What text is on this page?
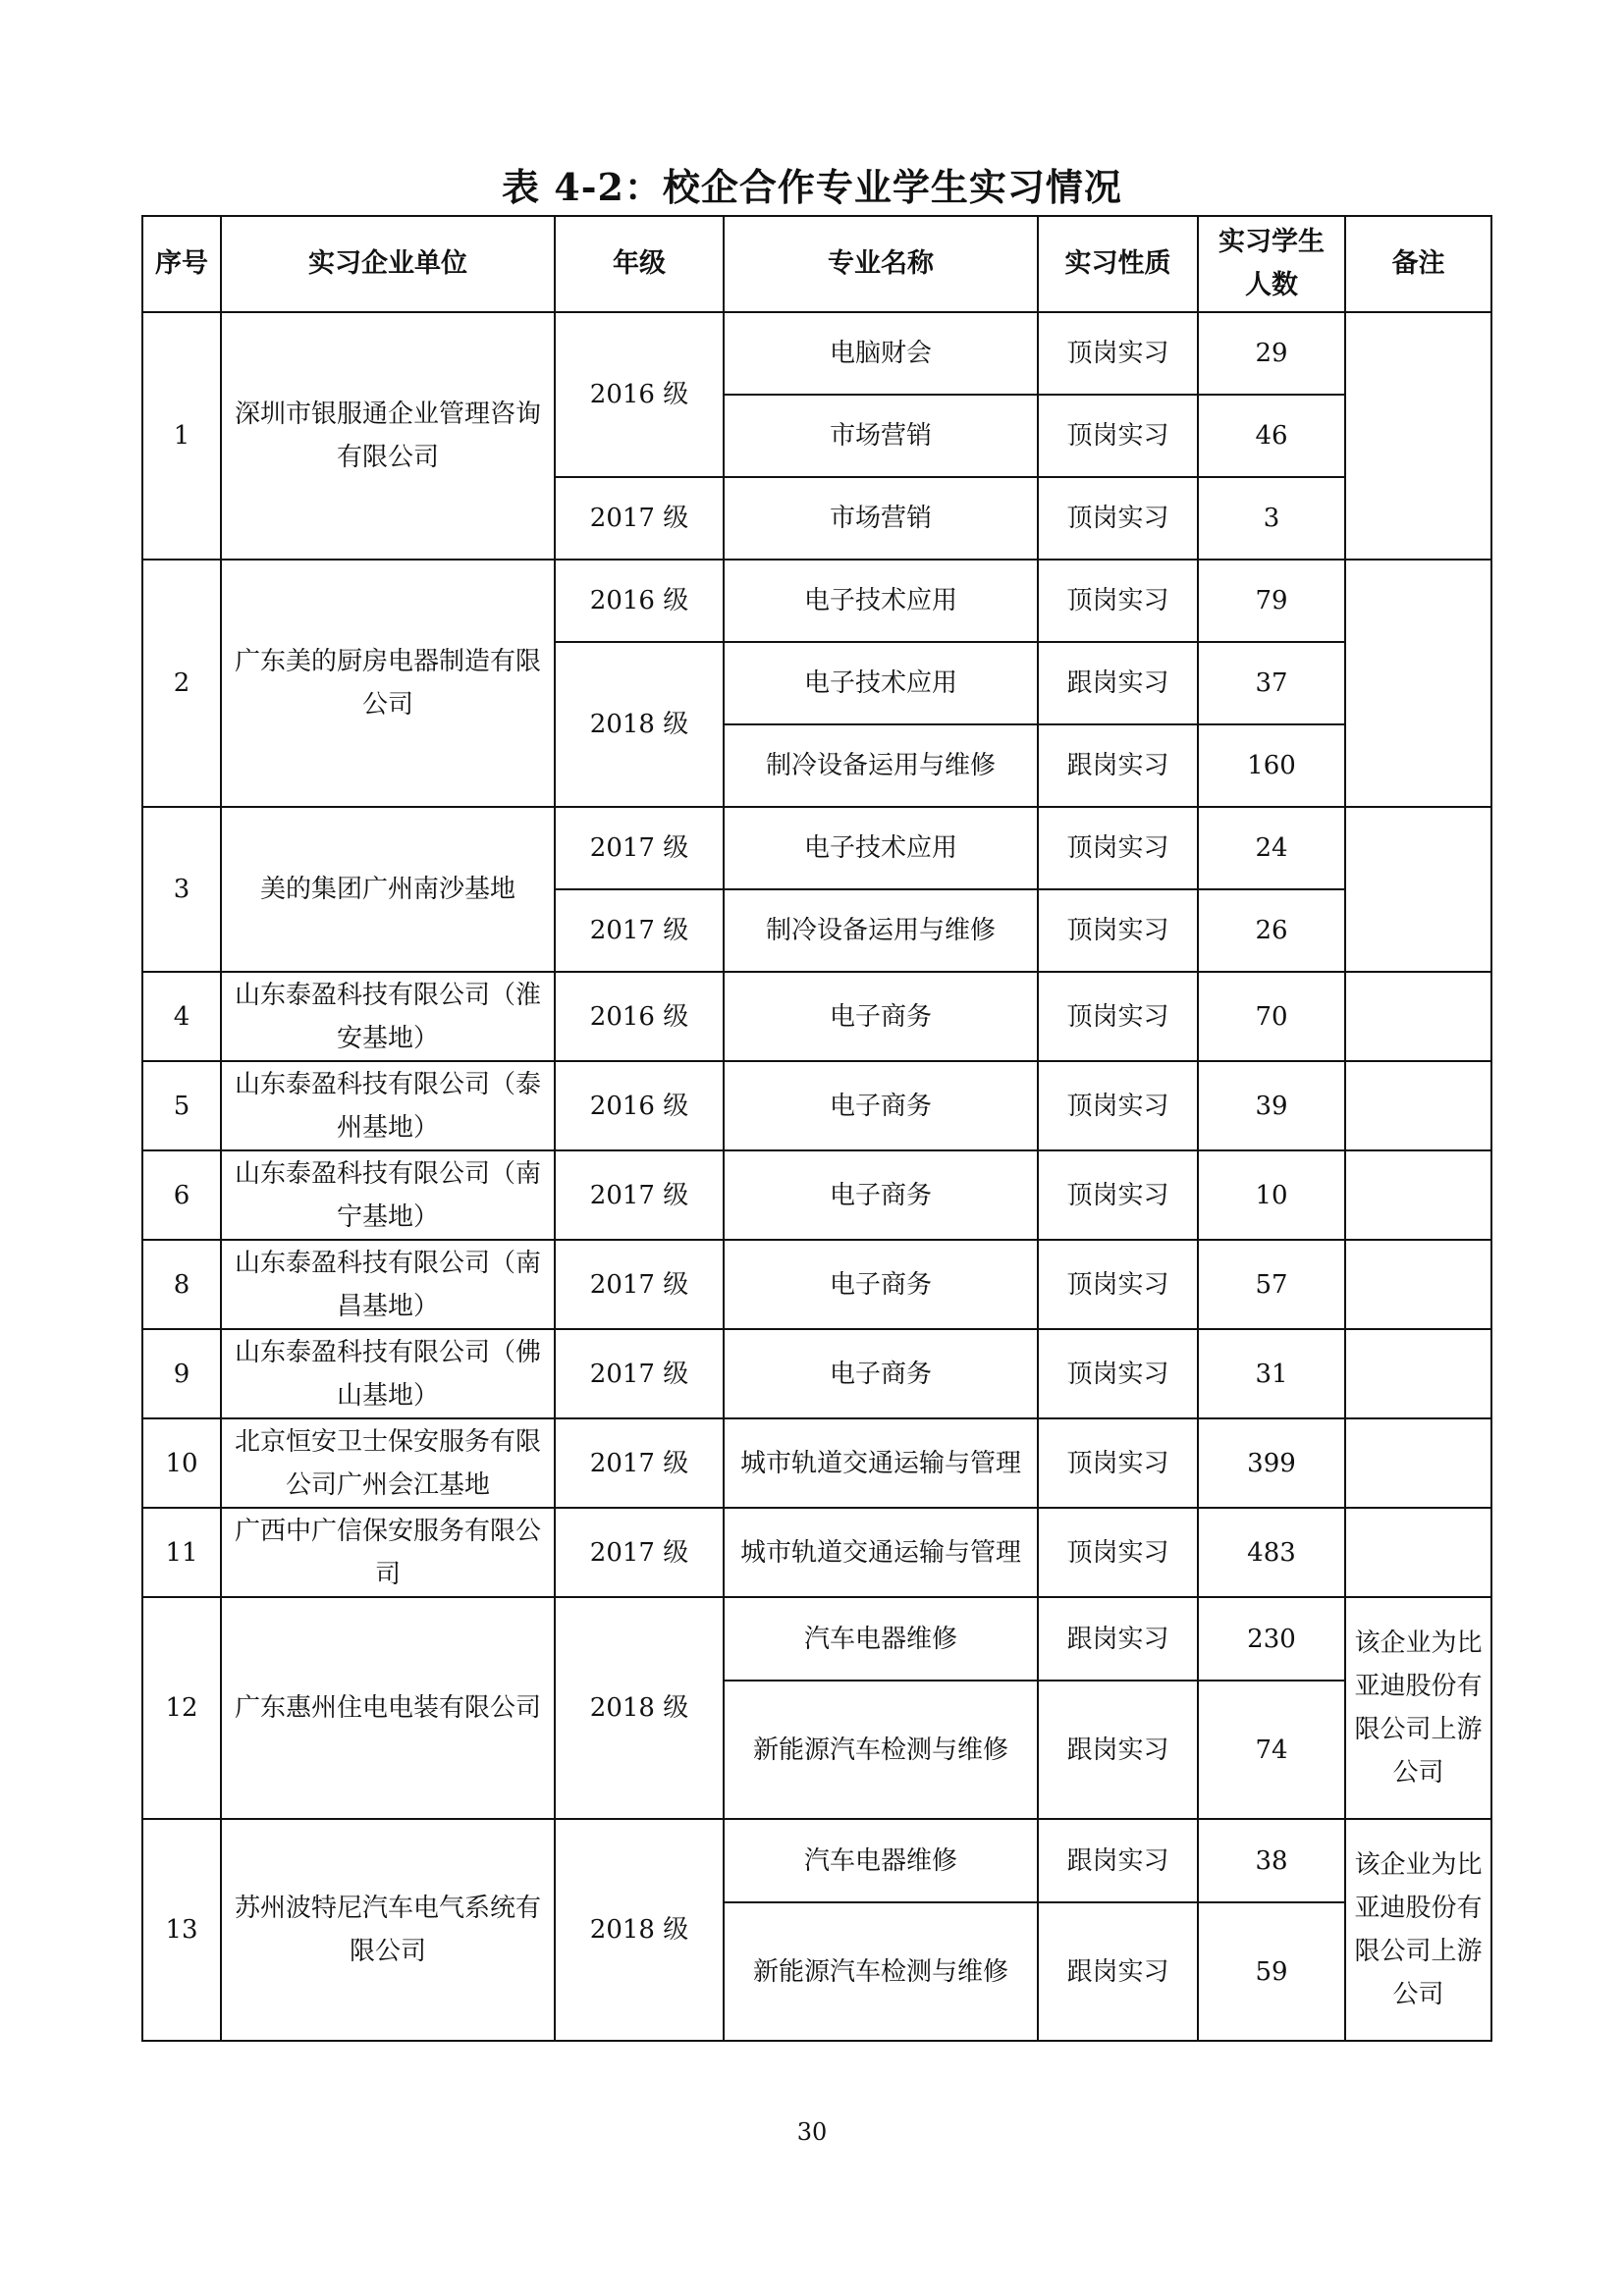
表 4-2：校企合作专业学生实习情况
序号	实习企业单位	年级	专业名称	实习性质	实习学生人数	备注
1	深圳市银服通企业管理咨询有限公司	2016 级	电脑财会	顶岗实习	29	
			市场营销	顶岗实习	46	
		2017 级	市场营销	顶岗实习	3	
2	广东美的厨房电器制造有限公司	2016 级	电子技术应用	顶岗实习	79	
		2018 级	电子技术应用	跟岗实习	37	
			制冷设备运用与维修	跟岗实习	160	
3	美的集团广州南沙基地	2017 级	电子技术应用	顶岗实习	24	
		2017 级	制冷设备运用与维修	顶岗实习	26	
4	山东泰盈科技有限公司（淮安基地）	2016 级	电子商务	顶岗实习	70	
5	山东泰盈科技有限公司（泰州基地）	2016 级	电子商务	顶岗实习	39	
6	山东泰盈科技有限公司（南宁基地）	2017 级	电子商务	顶岗实习	10	
8	山东泰盈科技有限公司（南昌基地）	2017 级	电子商务	顶岗实习	57	
9	山东泰盈科技有限公司（佛山基地）	2017 级	电子商务	顶岗实习	31	
10	北京恒安卫士保安服务有限公司广州会江基地	2017 级	城市轨道交通运输与管理	顶岗实习	399	
11	广西中广信保安服务有限公司	2017 级	城市轨道交通运输与管理	顶岗实习	483	
12	广东惠州住电电装有限公司	2018 级	汽车电器维修	跟岗实习	230	该企业为比亚迪股份有限公司上游公司
			新能源汽车检测与维修	跟岗实习	74	
13	苏州波特尼汽车电气系统有限公司	2018 级	汽车电器维修	跟岗实习	38	该企业为比亚迪股份有限公司上游公司
			新能源汽车检测与维修	跟岗实习	59	
30
